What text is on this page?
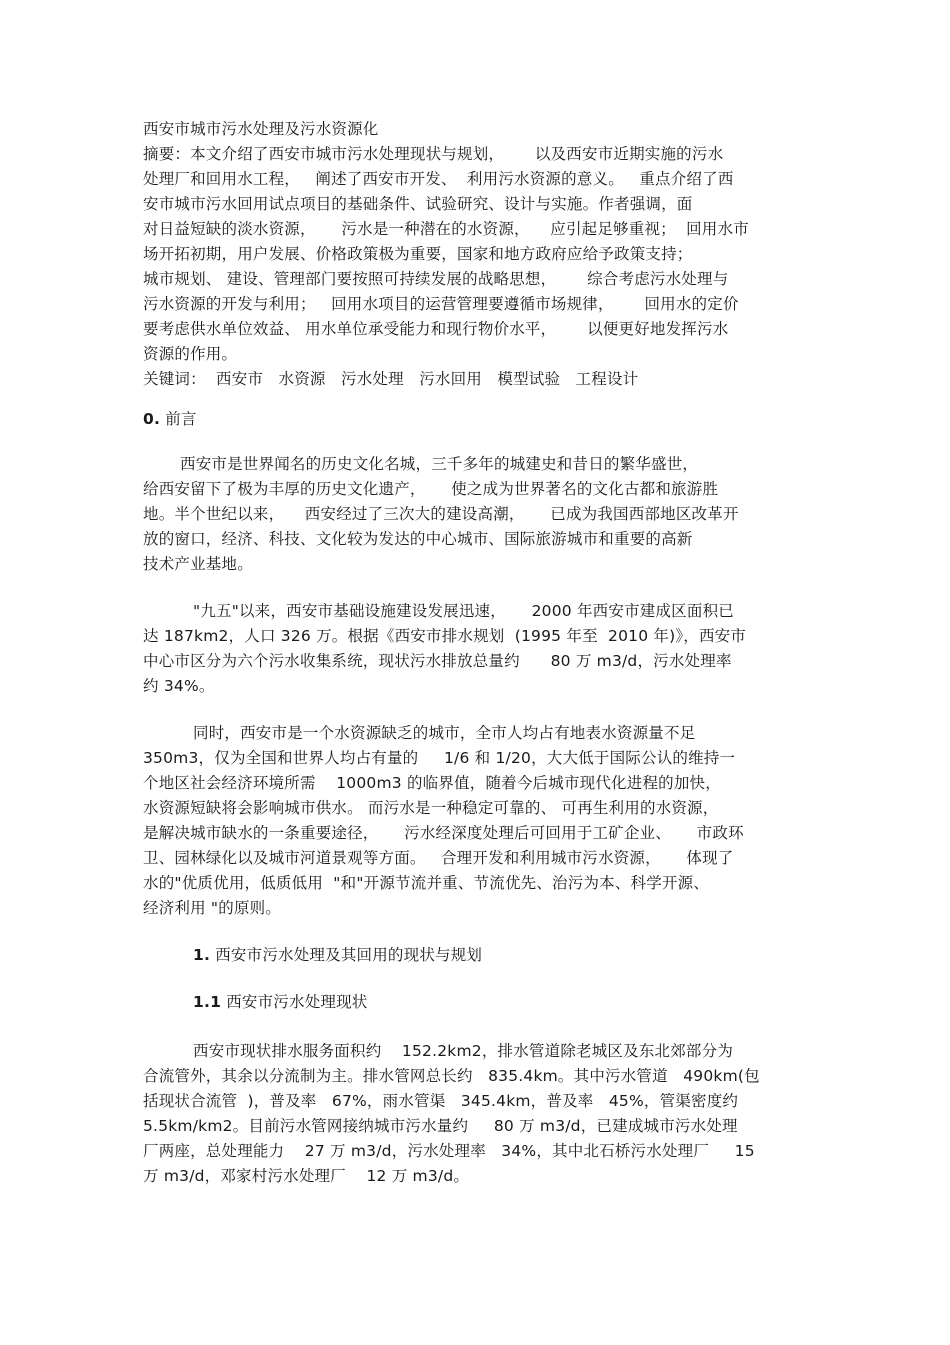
西安市城市污水处理及污水资源化
摘要：本文介绍了西安市城市污水处理现状与规划，      以及西安市近期实施的污水
处理厂和回用水工程，   阐述了西安市开发、  利用污水资源的意义。   重点介绍了西
安市城市污水回用试点项目的基础条件、试验研究、设计与实施。作者强调，面
对日益短缺的淡水资源，     污水是一种潜在的水资源，    应引起足够重视；  回用水市
场开拓初期，用户发展、价格政策极为重要，国家和地方政府应给予政策支持；
城市规划、 建设、管理部门要按照可持续发展的战略思想，      综合考虑污水处理与
污水资源的开发与利用；   回用水项目的运营管理要遵循市场规律，      回用水的定价
要考虑供水单位效益、 用水单位承受能力和现行物价水平，      以便更好地发挥污水
资源的作用。
关键词：  西安市   水资源   污水处理   污水回用   模型试验   工程设计
0. 前言
西安市是世界闻名的历史文化名城，三千多年的城建史和昔日的繁华盛世，
给西安留下了极为丰厚的历史文化遗产，     使之成为世界著名的文化古都和旅游胜
地。半个世纪以来，    西安经过了三次大的建设高潮，     已成为我国西部地区改革开
放的窗口，经济、科技、文化较为发达的中心城市、国际旅游城市和重要的高新
技术产业基地。
"九五"以来，西安市基础设施建设发展迅速，     2000 年西安市建成区面积已
达 187km2，人口 326 万。根据《西安市排水规划  (1995 年至  2010 年)》，西安市
中心市区分为六个污水收集系统，现状污水排放总量约      80 万 m3/d，污水处理率
约 34%。
同时，西安市是一个水资源缺乏的城市，全市人均占有地表水资源量不足
350m3，仅为全国和世界人均占有量的     1/6 和 1/20，大大低于国际公认的维持一
个地区社会经济环境所需    1000m3 的临界值，随着今后城市现代化进程的加快，
水资源短缺将会影响城市供水。 而污水是一种稳定可靠的、 可再生利用的水资源，
是解决城市缺水的一条重要途径，     污水经深度处理后可回用于工矿企业、     市政环
卫、园林绿化以及城市河道景观等方面。   合理开发和利用城市污水资源，     体现了
水的"优质优用，低质低用  "和"开源节流并重、节流优先、治污为本、科学开源、
经济利用 "的原则。
1. 西安市污水处理及其回用的现状与规划
1.1 西安市污水处理现状
西安市现状排水服务面积约    152.2km2，排水管道除老城区及东北郊部分为
合流管外，其余以分流制为主。排水管网总长约   835.4km。其中污水管道   490km(包
括现状合流管  )，普及率   67%，雨水管渠   345.4km，普及率   45%，管渠密度约
5.5km/km2。目前污水管网接纳城市污水量约     80 万 m3/d，已建成城市污水处理
厂两座，总处理能力    27 万 m3/d，污水处理率   34%，其中北石桥污水处理厂     15
万 m3/d，邓家村污水处理厂    12 万 m3/d。
